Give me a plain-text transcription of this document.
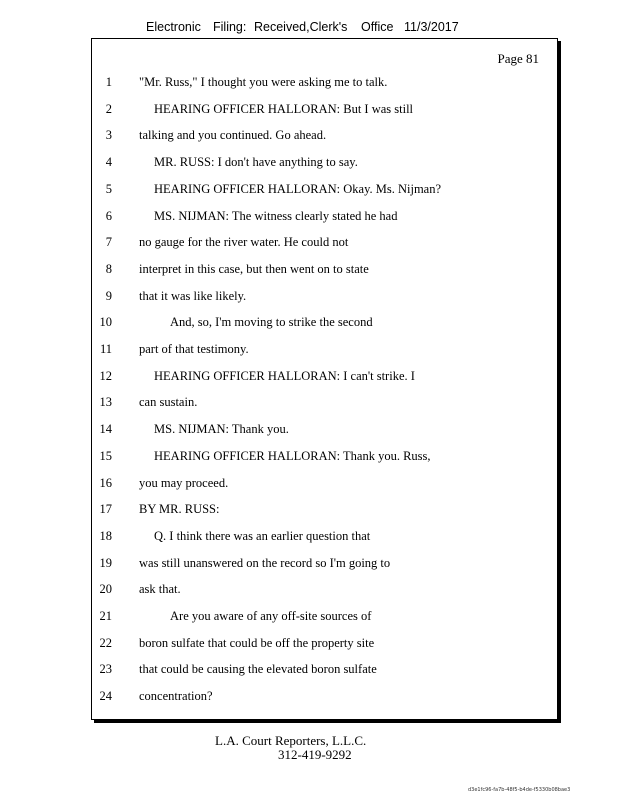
Electronic Filing: Received,Clerk's Office 11/3/2017
Page 81
1 "Mr. Russ," I thought you were asking me to talk.
2	HEARING OFFICER HALLORAN: But I was still
3 talking and you continued. Go ahead.
4	MR. RUSS: I don't have anything to say.
5	HEARING OFFICER HALLORAN: Okay. Ms. Nijman?
6	MS. NIJMAN: The witness clearly stated he had
7 no gauge for the river water. He could not
8 interpret in this case, but then went on to state
9 that it was like likely.
10	And, so, I'm moving to strike the second
11 part of that testimony.
12	HEARING OFFICER HALLORAN: I can't strike. I
13 can sustain.
14	MS. NIJMAN: Thank you.
15	HEARING OFFICER HALLORAN: Thank you. Russ,
16 you may proceed.
17 BY MR. RUSS:
18	Q. I think there was an earlier question that
19 was still unanswered on the record so I'm going to
20 ask that.
21	Are you aware of any off-site sources of
22 boron sulfate that could be off the property site
23 that could be causing the elevated boron sulfate
24 concentration?
L.A. Court Reporters, L.L.C.
312-419-9292
d3e1fc96-fa7b-48f5-b4de-f5330b08bae3
